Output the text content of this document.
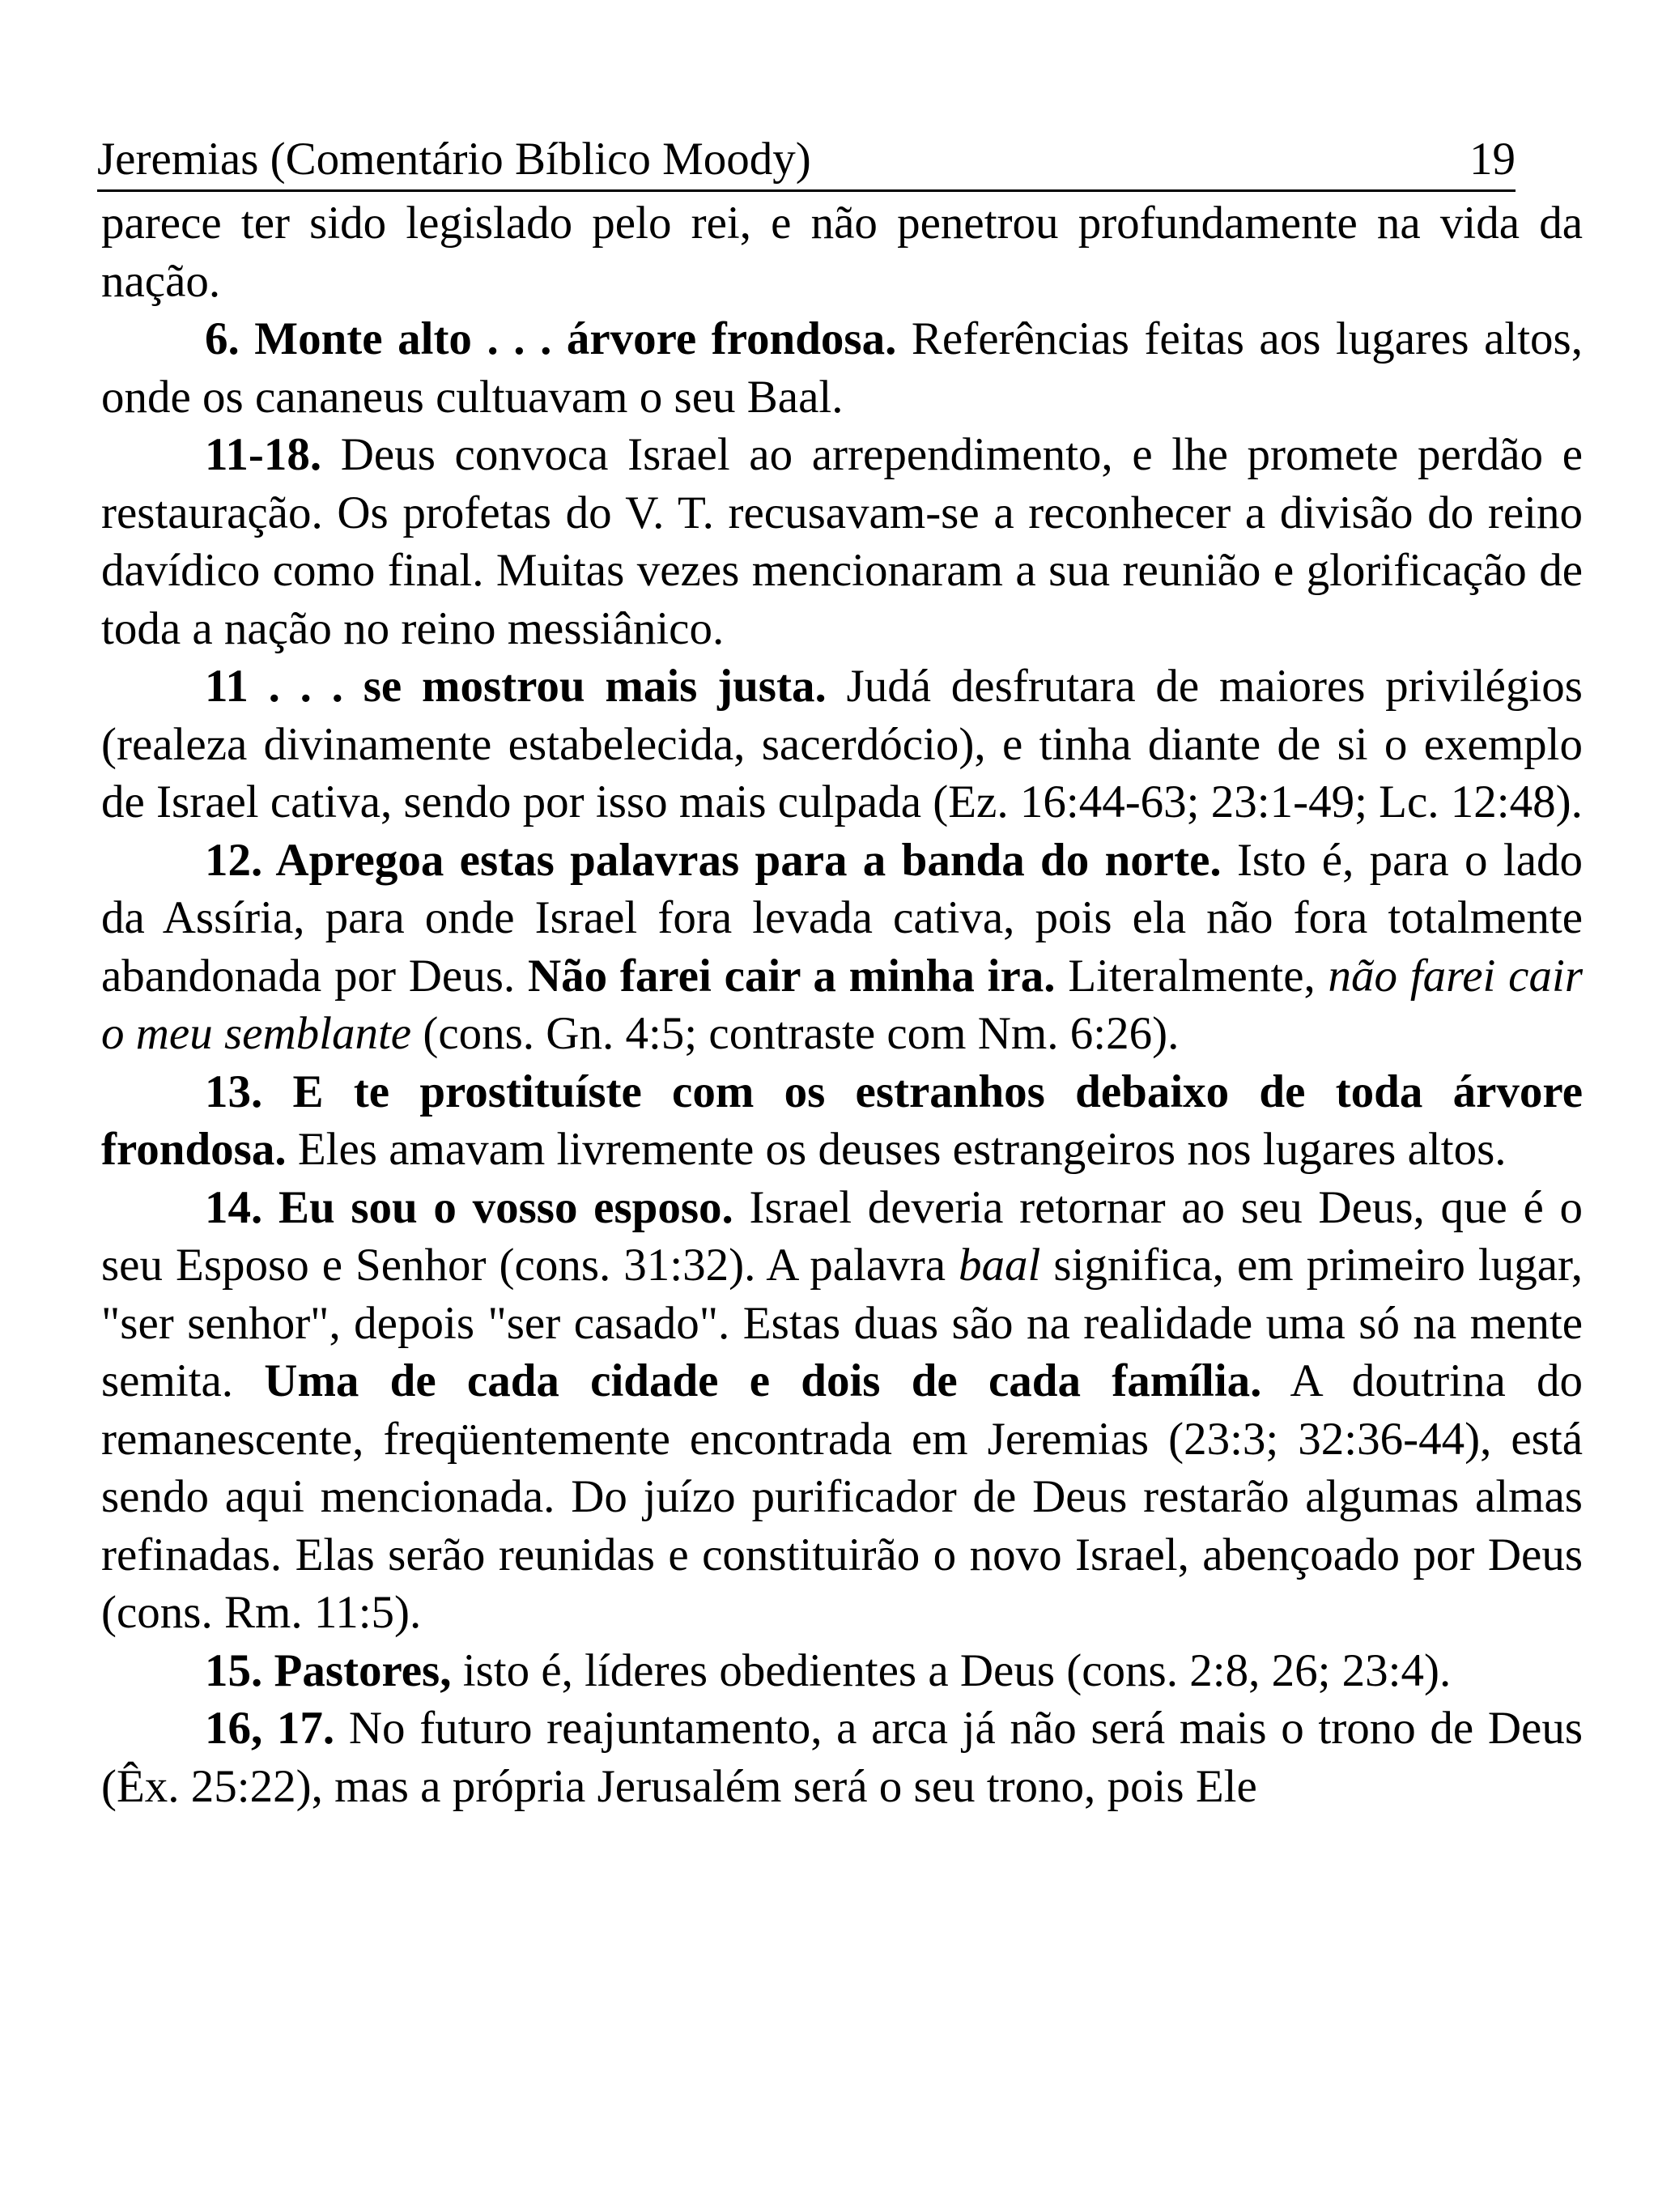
Jeremias (Comentário Bíblico Moody)	19

parece ter sido legislado pelo rei, e não penetrou profundamente na vida da nação.

6. Monte alto . . . árvore frondosa. Referências feitas aos lugares altos, onde os cananeus cultuavam o seu Baal.

11-18. Deus convoca Israel ao arrependimento, e lhe promete perdão e restauração. Os profetas do V. T. recusavam-se a reconhecer a divisão do reino davídico como final. Muitas vezes mencionaram a sua reunião e glorificação de toda a nação no reino messiânico.

11 . . . se mostrou mais justa. Judá desfrutara de maiores privilégios (realeza divinamente estabelecida, sacerdócio), e tinha diante de si o exemplo de Israel cativa, sendo por isso mais culpada (Ez. 16:44-63; 23:1-49; Lc. 12:48).

12. Apregoa estas palavras para a banda do norte. Isto é, para o lado da Assíria, para onde Israel fora levada cativa, pois ela não fora totalmente abandonada por Deus. Não farei cair a minha ira. Literalmente, não farei cair o meu semblante (cons. Gn. 4:5; contraste com Nm. 6:26).

13. E te prostituíste com os estranhos debaixo de toda árvore frondosa. Eles amavam livremente os deuses estrangeiros nos lugares altos.

14. Eu sou o vosso esposo. Israel deveria retornar ao seu Deus, que é o seu Esposo e Senhor (cons. 31:32). A palavra baal significa, em primeiro lugar, "ser senhor", depois "ser casado". Estas duas são na realidade uma só na mente semita. Uma de cada cidade e dois de cada família. A doutrina do remanescente, freqüentemente encontrada em Jeremias (23:3; 32:36-44), está sendo aqui mencionada. Do juízo purificador de Deus restarão algumas almas refinadas. Elas serão reunidas e constituirão o novo Israel, abençoado por Deus (cons. Rm. 11:5).

15. Pastores, isto é, líderes obedientes a Deus (cons. 2:8, 26; 23:4).

16, 17. No futuro reajuntamento, a arca já não será mais o trono de Deus (Êx. 25:22), mas a própria Jerusalém será o seu trono, pois Ele
